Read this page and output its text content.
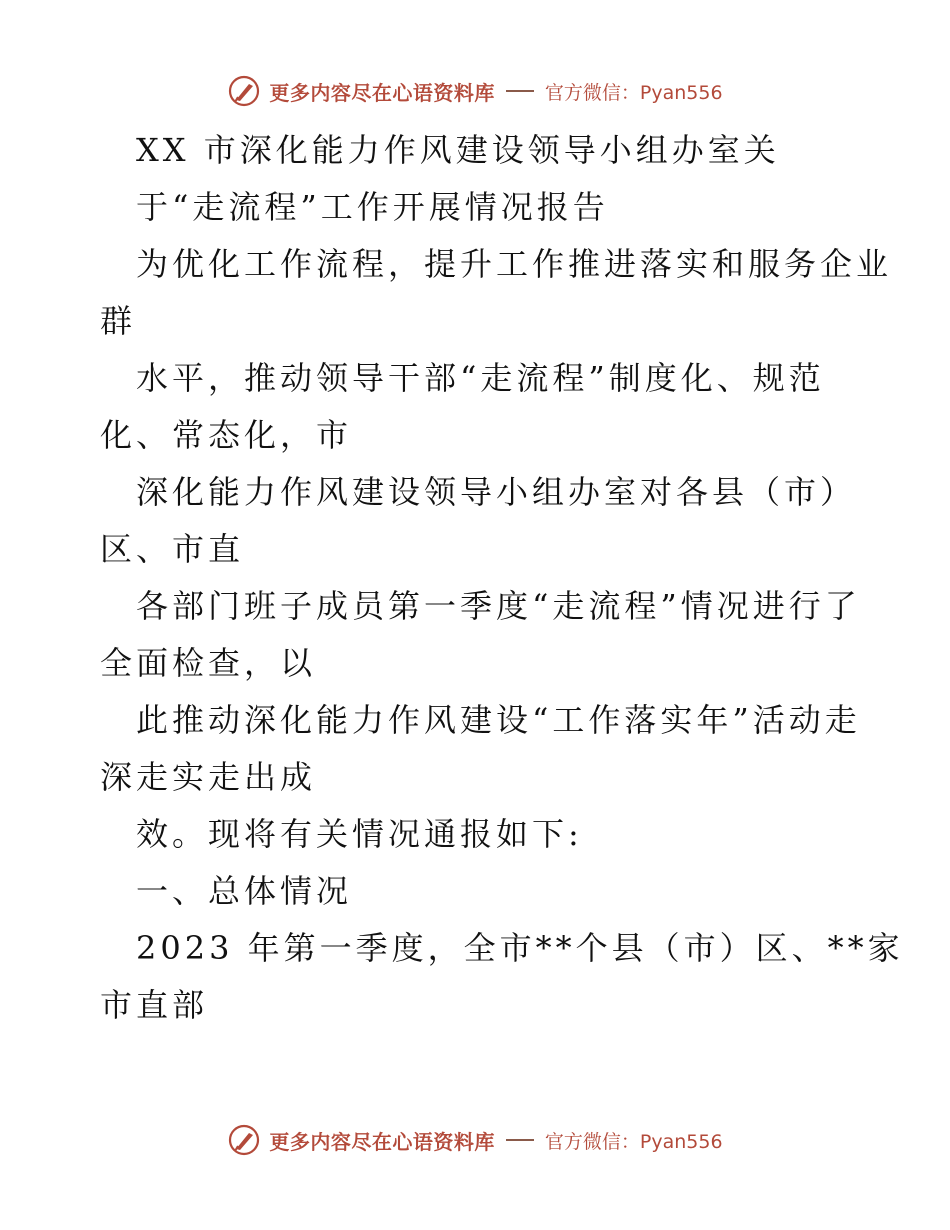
更多内容尽在心语资料库	官方微信：Pyan556
XX 市深化能力作风建设领导小组办室关
于“走流程”工作开展情况报告
为优化工作流程，提升工作推进落实和服务企业
群
水平，推动领导干部“走流程”制度化、规范
化、常态化，市
深化能力作风建设领导小组办室对各县（市）
区、市直
各部门班子成员第一季度“走流程”情况进行了
全面检查，以
此推动深化能力作风建设“工作落实年”活动走
深走实走出成
效。现将有关情况通报如下:
一、总体情况
2023 年第一季度，全市**个县（市）区、**家
市直部
更多内容尽在心语资料库	官方微信：Pyan556
